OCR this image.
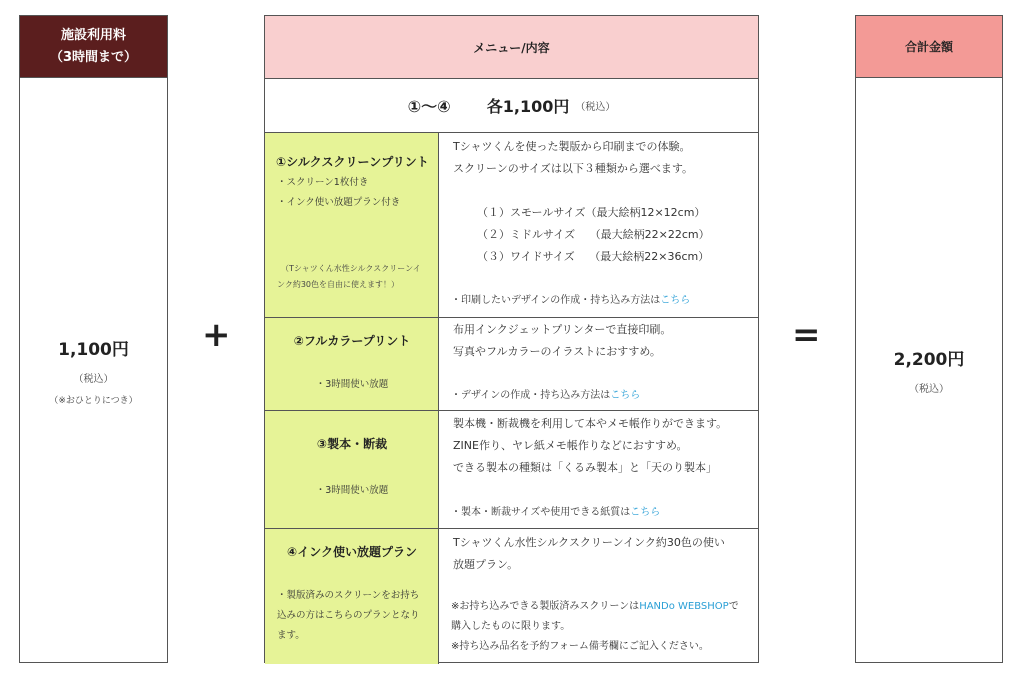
施設利用料
（3時間まで）
1,100円
（税込）
（※おひとりにつき）
+
メニュー/内容
①〜④ 各1,100円 （税込）
①シルクスクリーンプリント
・スクリーン1枚付き
・インク使い放題プラン付き
（Tシャツくん水性シルクスクリーンイ
ンク約30色を自由に使えます！）
Tシャツくんを使った製版から印刷までの体験。
スクリーンのサイズは以下３種類から選べます。
（１）スモールサイズ（最大絵柄12×12cm）
（２）ミドルサイズ　 （最大絵柄22×22cm）
（３）ワイドサイズ　 （最大絵柄22×36cm）
・印刷したいデザインの作成・持ち込み方法はこちら
②フルカラープリント
・3時間使い放題
布用インクジェットプリンターで直接印刷。
写真やフルカラーのイラストにおすすめ。
・デザインの作成・持ち込み方法はこちら
③製本・断裁
・3時間使い放題
製本機・断裁機を利用して本やメモ帳作りができます。
ZINE作り、ヤレ紙メモ帳作りなどにおすすめ。
できる製本の種類は「くるみ製本」と「天のり製本」
・製本・断裁サイズや使用できる紙質はこちら
④インク使い放題プラン
・製版済みのスクリーンをお持ち
込みの方はこちらのプランとなり
ます。
Tシャツくん水性シルクスクリーンインク約30色の使い
放題プラン。
※お持ち込みできる製版済みスクリーンはHANDo WEBSHOPで
購入したものに限ります。
※持ち込み品名を予約フォーム備考欄にご記入ください。
=
合計金額
2,200円
（税込）
